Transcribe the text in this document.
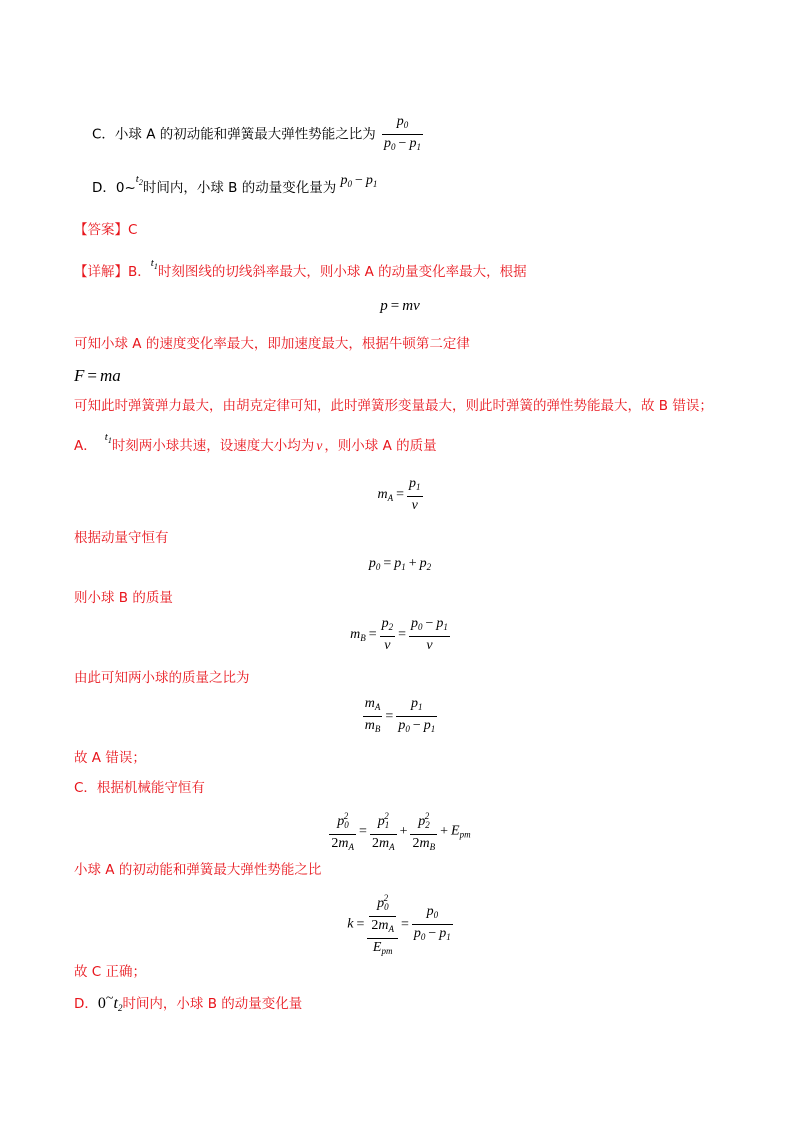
C．小球 A 的初动能和弹簧最大弹性势能之比为 $\frac{p_0}{p_0 - p_1}$
D．0~$^{t_2}$时间内，小球 B 的动量变化量为 $p_0 - p_1$
【答案】C
【详解】B．$^{t_1}$时刻图线的切线斜率最大，则小球 A 的动量变化率最大，根据
p = mv
可知小球 A 的速度变化率最大，即加速度最大，根据牛顿第二定律
F = ma
可知此时弹簧弹力最大，由胡克定律可知，此时弹簧形变量最大，则此时弹簧的弹性势能最大，故 B 错误；
A．$^{t_1}$时刻两小球共速，设速度大小均为 v ，则小球 A 的质量
$m_A = \frac{p_1}{v}$
根据动量守恒有
$p_0 = p_1 + p_2$
则小球 B 的质量
$m_B = \frac{p_2}{v} = \frac{p_0 - p_1}{v}$
由此可知两小球的质量之比为
$\frac{m_A}{m_B} = \frac{p_1}{p_0 - p_1}$
故 A 错误；
C．根据机械能守恒有
$\frac{p_0^2}{2m_A} = \frac{p_1^2}{2m_A} + \frac{p_2^2}{2m_B} + E_{pm}$
小球 A 的初动能和弹簧最大弹性势能之比
$k = \frac{\frac{p_0^2}{2m_A}}{E_{pm}} = \frac{p_0}{p_0 - p_1}$
故 C 正确；
D．$0\sim t_2$时间内，小球 B 的动量变化量
